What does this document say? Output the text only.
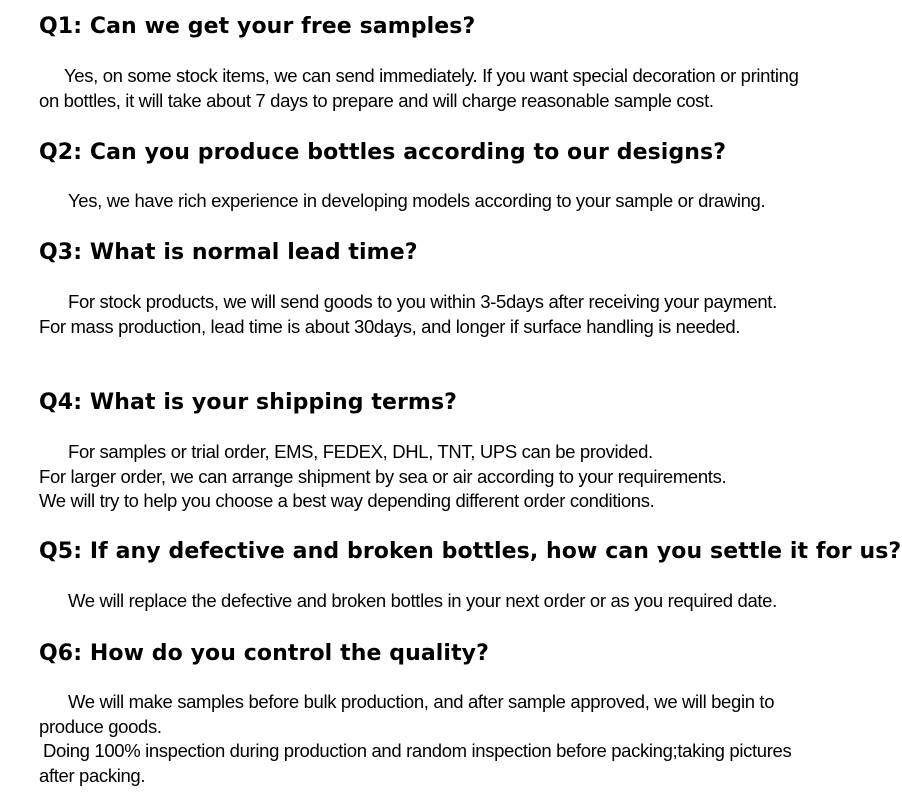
Q1: Can we get your free samples?
Yes, on some stock items, we can send immediately. If you want special decoration or printing
on bottles, it will take about 7 days to prepare and will charge reasonable sample cost.
Q2: Can you produce bottles according to our designs?
Yes, we have rich experience in developing models according to your sample or drawing.
Q3: What is normal lead time?
For stock products, we will send goods to you within 3-5days after receiving your payment.
For mass production, lead time is about 30days, and longer if surface handling is needed.
Q4: What is your shipping terms?
For samples or trial order, EMS, FEDEX, DHL, TNT, UPS can be provided.
For larger order, we can arrange shipment by sea or air according to your requirements.
We will try to help you choose a best way depending different order conditions.
Q5: If any defective and broken bottles, how can you settle it for us?
We will replace the defective and broken bottles in your next order or as you required date.
Q6: How do you control the quality?
We will make samples before bulk production, and after sample approved, we will begin to
produce goods.
Doing 100% inspection during production and random inspection before packing;taking pictures
after packing.
